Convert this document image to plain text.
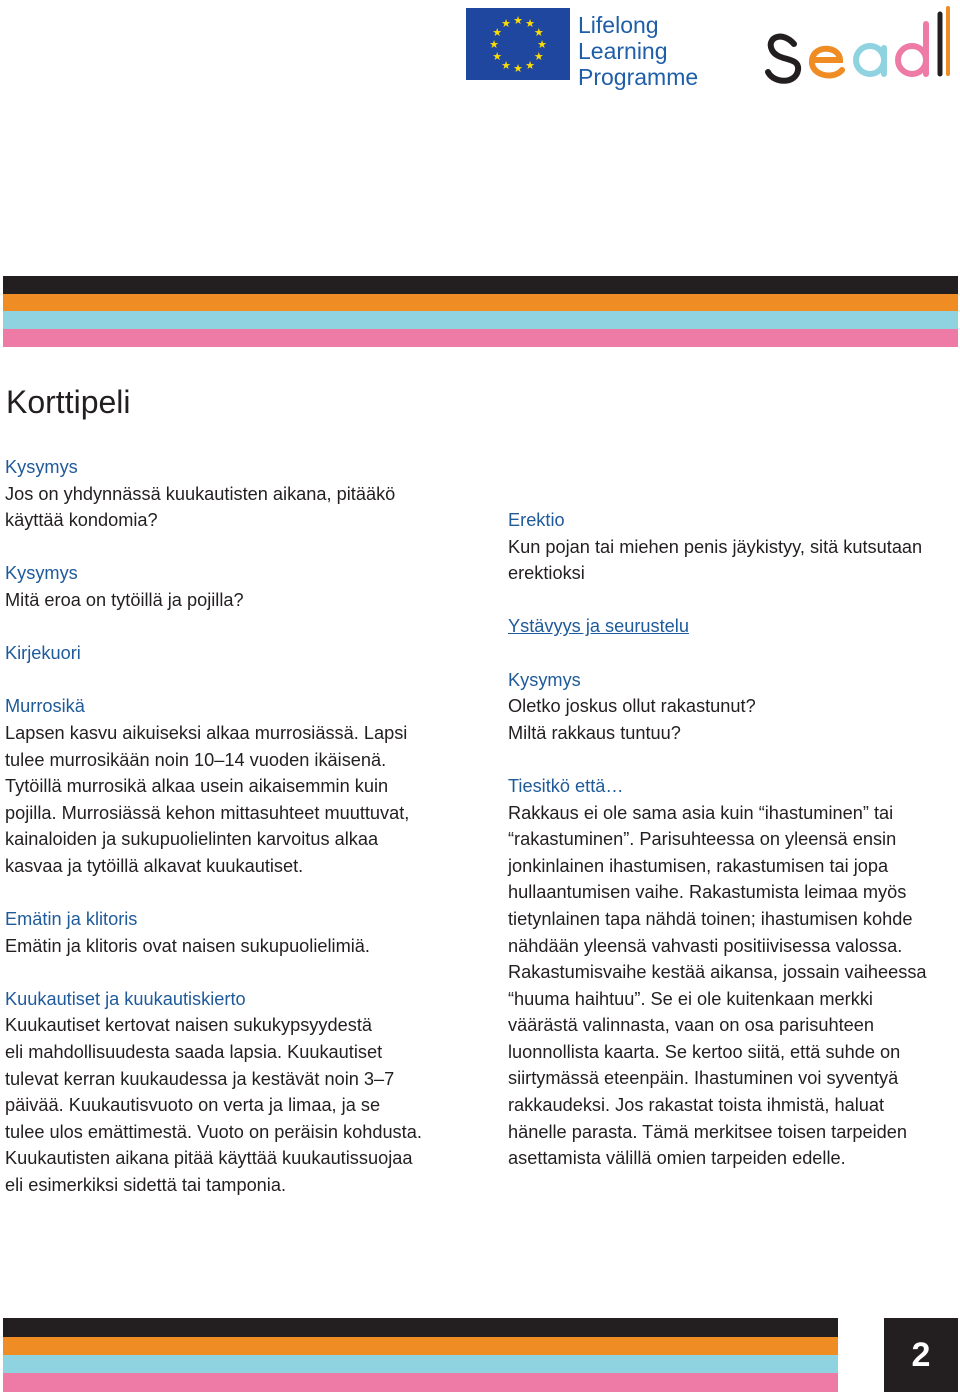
★ ★
★
★
★
★
★
★
★
★
★
★	Lifelong
Learning
Programme
Korttipeli
Kysymys
Jos on yhdynnässä kuukautisten aikana, pitääkö
käyttää kondomia?
Kysymys
Mitä eroa on tytöillä ja pojilla?
Kirjekuori
Murrosikä
Lapsen kasvu aikuiseksi alkaa murrosiässä. Lapsi
tulee murrosikään noin 10–14 vuoden ikäisenä.
Tytöillä murrosikä alkaa usein aikaisemmin kuin
pojilla. Murrosiässä kehon mittasuhteet muuttuvat,
kainaloiden ja sukupuolielinten karvoitus alkaa
kasvaa ja tytöillä alkavat kuukautiset.
Emätin ja klitoris
Emätin ja klitoris ovat naisen sukupuolielimiä.
Kuukautiset ja kuukautiskierto
Kuukautiset kertovat naisen sukukypsyydestä
eli mahdollisuudesta saada lapsia. Kuukautiset
tulevat kerran kuukaudessa ja kestävät noin 3–7
päivää. Kuukautisvuoto on verta ja limaa, ja se
tulee ulos emättimestä. Vuoto on peräisin kohdusta.
Kuukautisten aikana pitää käyttää kuukautissuojaa
eli esimerkiksi sidettä tai tamponia.
Erektio
Kun pojan tai miehen penis jäykistyy, sitä kutsutaan
erektioksi
Ystävyys ja seurustelu
Kysymys
Oletko joskus ollut rakastunut?
Miltä rakkaus tuntuu?
Tiesitkö että…
Rakkaus ei ole sama asia kuin “ihastuminen” tai
“rakastuminen”. Parisuhteessa on yleensä ensin
jonkinlainen ihastumisen, rakastumisen tai jopa
hullaantumisen vaihe. Rakastumista leimaa myös
tietynlainen tapa nähdä toinen; ihastumisen kohde
nähdään yleensä vahvasti positiivisessa valossa.
Rakastumisvaihe kestää aikansa, jossain vaiheessa
“huuma haihtuu”. Se ei ole kuitenkaan merkki
väärästä valinnasta, vaan on osa parisuhteen
luonnollista kaarta. Se kertoo siitä, että suhde on
siirtymässä eteenpäin. Ihastuminen voi syventyä
rakkaudeksi. Jos rakastat toista ihmistä, haluat
hänelle parasta. Tämä merkitsee toisen tarpeiden
asettamista välillä omien tarpeiden edelle.
2
